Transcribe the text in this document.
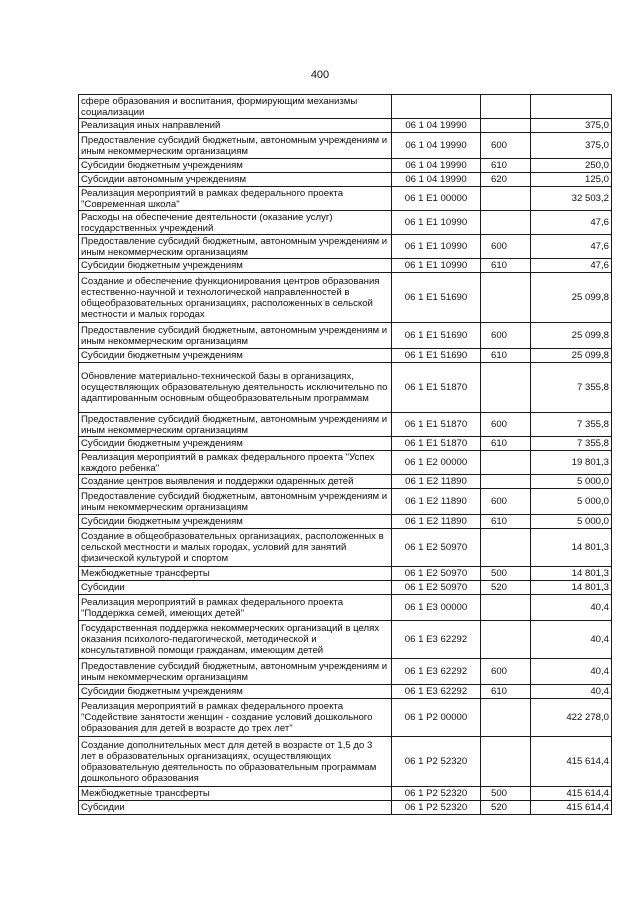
400
сфере образования и воспитания, формирующим механизмы социализации			
Реализация иных направлений	06 1 04 19990		375,0
Предоставление субсидий бюджетным, автономным учреждениям и иным некоммерческим организациям	06 1 04 19990	600	375,0
Субсидии бюджетным учреждениям	06 1 04 19990	610	250,0
Субсидии автономным учреждениям	06 1 04 19990	620	125,0
Реализация мероприятий в рамках федерального проекта "Современная школа"	06 1 E1 00000		32 503,2
Расходы на обеспечение деятельности (оказание услуг) государственных учреждений	06 1 E1 10990		47,6
Предоставление субсидий бюджетным, автономным учреждениям и иным некоммерческим организациям	06 1 E1 10990	600	47,6
Субсидии бюджетным учреждениям	06 1 E1 10990	610	47,6
Создание и обеспечение функционирования центров образования естественно-научной и технологической направленностей в общеобразовательных организациях, расположенных в сельской местности и малых городах	06 1 E1 51690		25 099,8
Предоставление субсидий бюджетным, автономным учреждениям и иным некоммерческим организациям	06 1 E1 51690	600	25 099,8
Субсидии бюджетным учреждениям	06 1 E1 51690	610	25 099,8
Обновление материально-технической базы в организациях, осуществляющих образовательную деятельность исключительно по адаптированным основным общеобразовательным программам	06 1 E1 51870		7 355,8
Предоставление субсидий бюджетным, автономным учреждениям и иным некоммерческим организациям	06 1 E1 51870	600	7 355,8
Субсидии бюджетным учреждениям	06 1 E1 51870	610	7 355,8
Реализация мероприятий в рамках федерального проекта "Успех каждого ребенка"	06 1 E2 00000		19 801,3
Создание центров выявления и поддержки одаренных детей	06 1 E2 11890		5 000,0
Предоставление субсидий бюджетным, автономным учреждениям и иным некоммерческим организациям	06 1 E2 11890	600	5 000,0
Субсидии бюджетным учреждениям	06 1 E2 11890	610	5 000,0
Создание в общеобразовательных организациях, расположенных в сельской местности и малых городах, условий для занятий физической культурой и спортом	06 1 E2 50970		14 801,3
Межбюджетные трансферты	06 1 E2 50970	500	14 801,3
Субсидии	06 1 E2 50970	520	14 801,3
Реализация мероприятий в рамках федерального проекта "Поддержка семей, имеющих детей"	06 1 E3 00000		40,4
Государственная поддержка некоммерческих организаций в целях оказания психолого-педагогической, методической и консультативной помощи гражданам, имеющим детей	06 1 E3 62292		40,4
Предоставление субсидий бюджетным, автономным учреждениям и иным некоммерческим организациям	06 1 E3 62292	600	40,4
Субсидии бюджетным учреждениям	06 1 E3 62292	610	40,4
Реализация мероприятий в рамках федерального проекта "Содействие занятости женщин - создание условий дошкольного образования для детей в возрасте до трех лет"	06 1 P2 00000		422 278,0
Создание дополнительных мест для детей в возрасте от 1,5 до 3 лет в образовательных организациях, осуществляющих образовательную деятельность по образовательным программам дошкольного образования	06 1 P2 52320		415 614,4
Межбюджетные трансферты	06 1 P2 52320	500	415 614,4
Субсидии	06 1 P2 52320	520	415 614,4
